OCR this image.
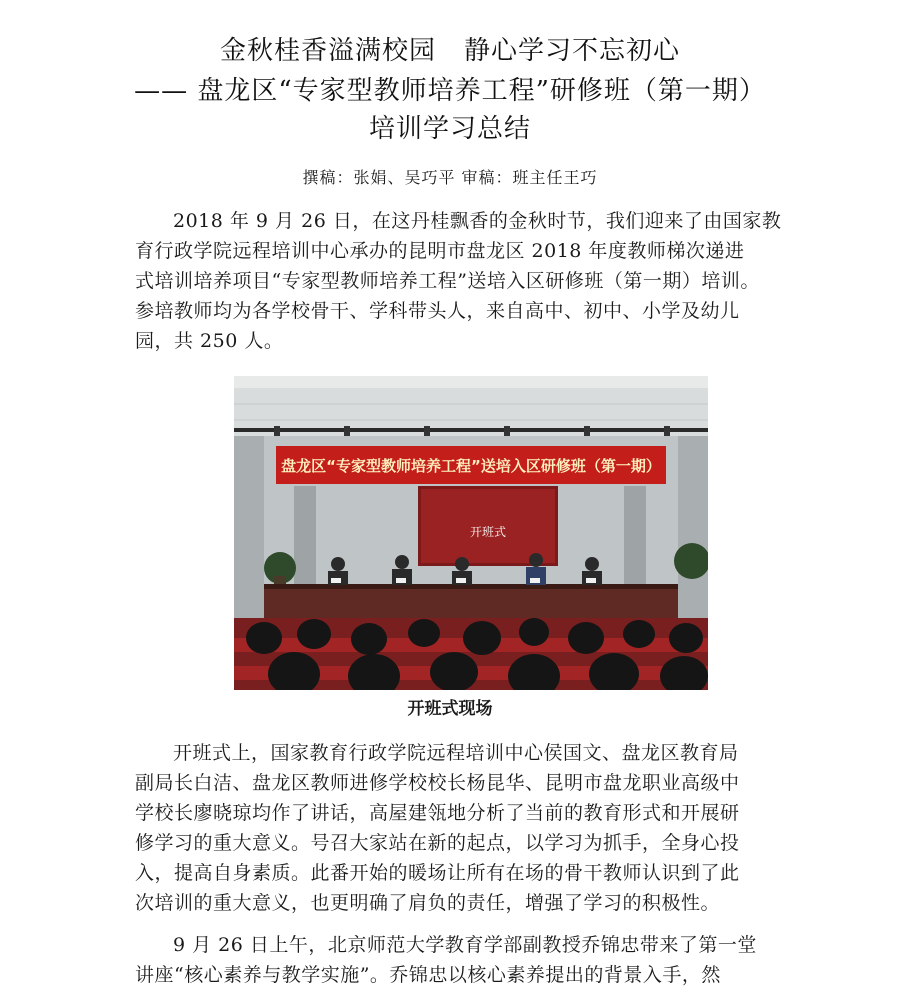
金秋桂香溢满校园 静心学习不忘初心
—— 盘龙区“专家型教师培养工程”研修班（第一期）
培训学习总结
撰稿：张娟、吴巧平 审稿：班主任王巧

2018 年 9 月 26 日，在这丹桂飘香的金秋时节，我们迎来了由国家教
育行政学院远程培训中心承办的昆明市盘龙区 2018 年度教师梯次递进
式培训培养项目“专家型教师培养工程”送培入区研修班（第一期）培训。
参培教师均为各学校骨干、学科带头人，来自高中、初中、小学及幼儿
园，共 250 人。

盘龙区“专家型教师培养工程”送培入区研修班（第一期）
开班式
开班式现场

开班式上，国家教育行政学院远程培训中心侯国文、盘龙区教育局
副局长白洁、盘龙区教师进修学校校长杨昆华、昆明市盘龙职业高级中
学校长廖晓琼均作了讲话，高屋建瓴地分析了当前的教育形式和开展研
修学习的重大意义。号召大家站在新的起点，以学习为抓手，全身心投
入，提高自身素质。此番开始的暖场让所有在场的骨干教师认识到了此
次培训的重大意义，也更明确了肩负的责任，增强了学习的积极性。

9 月 26 日上午，北京师范大学教育学部副教授乔锦忠带来了第一堂
讲座“核心素养与教学实施”。乔锦忠以核心素养提出的背景入手，然
